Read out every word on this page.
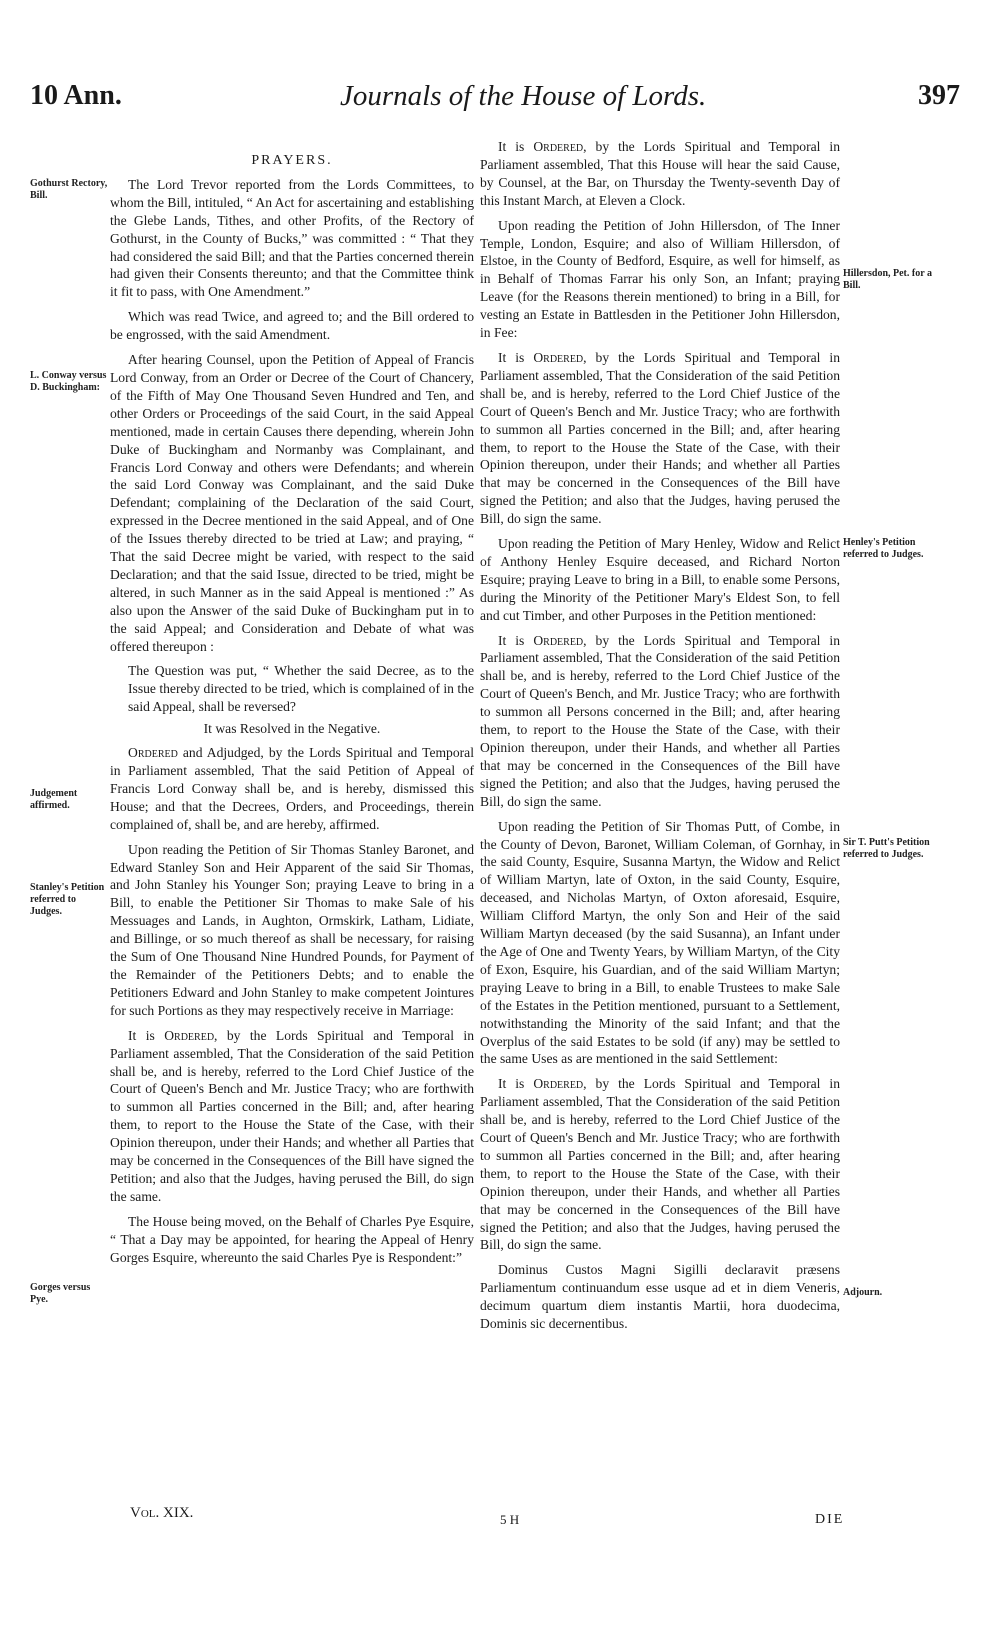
10 Ann.	Journals of the House of Lords.	397
Gothurst Rectory, Bill.
L. Conway versus D. Buckingham:
Judgement affirmed.
Stanley's Petition referred to Judges.
Gorges versus Pye.
Hillersdon, Pet. for a Bill.
Henley's Petition referred to Judges.
Sir T. Putt's Petition referred to Judges.
Adjourn.

PRAYERS.

The Lord Trevor reported from the Lords Committees, to whom the Bill, intituled, “ An Act for ascertaining and establishing the Glebe Lands, Tithes, and other Profits, of the Rectory of Gothurst, in the County of Bucks,” was committed : “ That they had considered the said Bill; and that the Parties concerned therein had given their Consents thereunto; and that the Committee think it fit to pass, with One Amendment.”

Which was read Twice, and agreed to; and the Bill ordered to be engrossed, with the said Amendment.

After hearing Counsel, upon the Petition of Appeal of Francis Lord Conway, from an Order or Decree of the Court of Chancery, of the Fifth of May One Thousand Seven Hundred and Ten, and other Orders or Proceedings of the said Court, in the said Appeal mentioned, made in certain Causes there depending, wherein John Duke of Buckingham and Normanby was Complainant, and Francis Lord Conway and others were Defendants; and wherein the said Lord Conway was Complainant, and the said Duke Defendant; complaining of the Declaration of the said Court, expressed in the Decree mentioned in the said Appeal, and of One of the Issues thereby directed to be tried at Law; and praying, “ That the said Decree might be varied, with respect to the said Declaration; and that the said Issue, directed to be tried, might be altered, in such Manner as in the said Appeal is mentioned :” As also upon the Answer of the said Duke of Buckingham put in to the said Appeal; and Consideration and Debate of what was offered thereupon :

The Question was put, “ Whether the said Decree, as to the Issue thereby directed to be tried, which is complained of in the said Appeal, shall be reversed?

It was Resolved in the Negative.

Ordered and Adjudged, by the Lords Spiritual and Temporal in Parliament assembled, That the said Petition of Appeal of Francis Lord Conway shall be, and is hereby, dismissed this House; and that the Decrees, Orders, and Proceedings, therein complained of, shall be, and are hereby, affirmed.

Upon reading the Petition of Sir Thomas Stanley Baronet, and Edward Stanley Son and Heir Apparent of the said Sir Thomas, and John Stanley his Younger Son; praying Leave to bring in a Bill, to enable the Petitioner Sir Thomas to make Sale of his Messuages and Lands, in Aughton, Ormskirk, Latham, Lidiate, and Billinge, or so much thereof as shall be necessary, for raising the Sum of One Thousand Nine Hundred Pounds, for Payment of the Remainder of the Petitioners Debts; and to enable the Petitioners Edward and John Stanley to make competent Jointures for such Portions as they may respectively receive in Marriage:

It is Ordered, by the Lords Spiritual and Temporal in Parliament assembled, That the Consideration of the said Petition shall be, and is hereby, referred to the Lord Chief Justice of the Court of Queen's Bench and Mr. Justice Tracy; who are forthwith to summon all Parties concerned in the Bill; and, after hearing them, to report to the House the State of the Case, with their Opinion thereupon, under their Hands; and whether all Parties that may be concerned in the Consequences of the Bill have signed the Petition; and also that the Judges, having perused the Bill, do sign the same.

The House being moved, on the Behalf of Charles Pye Esquire, “ That a Day may be appointed, for hearing the Appeal of Henry Gorges Esquire, whereunto the said Charles Pye is Respondent:”

It is Ordered, by the Lords Spiritual and Temporal in Parliament assembled, That this House will hear the said Cause, by Counsel, at the Bar, on Thursday the Twenty-seventh Day of this Instant March, at Eleven a Clock.

Upon reading the Petition of John Hillersdon, of The Inner Temple, London, Esquire; and also of William Hillersdon, of Elstoe, in the County of Bedford, Esquire, as well for himself, as in Behalf of Thomas Farrar his only Son, an Infant; praying Leave (for the Reasons therein mentioned) to bring in a Bill, for vesting an Estate in Battlesden in the Petitioner John Hillersdon, in Fee:

It is Ordered, by the Lords Spiritual and Temporal in Parliament assembled, That the Consideration of the said Petition shall be, and is hereby, referred to the Lord Chief Justice of the Court of Queen's Bench and Mr. Justice Tracy; who are forthwith to summon all Parties concerned in the Bill; and, after hearing them, to report to the House the State of the Case, with their Opinion thereupon, under their Hands; and whether all Parties that may be concerned in the Consequences of the Bill have signed the Petition; and also that the Judges, having perused the Bill, do sign the same.

Upon reading the Petition of Mary Henley, Widow and Relict of Anthony Henley Esquire deceased, and Richard Norton Esquire; praying Leave to bring in a Bill, to enable some Persons, during the Minority of the Petitioner Mary's Eldest Son, to fell and cut Timber, and other Purposes in the Petition mentioned:

It is Ordered, by the Lords Spiritual and Temporal in Parliament assembled, That the Consideration of the said Petition shall be, and is hereby, referred to the Lord Chief Justice of the Court of Queen's Bench, and Mr. Justice Tracy; who are forthwith to summon all Persons concerned in the Bill; and, after hearing them, to report to the House the State of the Case, with their Opinion thereupon, under their Hands, and whether all Parties that may be concerned in the Consequences of the Bill have signed the Petition; and also that the Judges, having perused the Bill, do sign the same.

Upon reading the Petition of Sir Thomas Putt, of Combe, in the County of Devon, Baronet, William Coleman, of Gornhay, in the said County, Esquire, Susanna Martyn, the Widow and Relict of William Martyn, late of Oxton, in the said County, Esquire, deceased, and Nicholas Martyn, of Oxton aforesaid, Esquire, William Clifford Martyn, the only Son and Heir of the said William Martyn deceased (by the said Susanna), an Infant under the Age of One and Twenty Years, by William Martyn, of the City of Exon, Esquire, his Guardian, and of the said William Martyn; praying Leave to bring in a Bill, to enable Trustees to make Sale of the Estates in the Petition mentioned, pursuant to a Settlement, notwithstanding the Minority of the said Infant; and that the Overplus of the said Estates to be sold (if any) may be settled to the same Uses as are mentioned in the said Settlement:

It is Ordered, by the Lords Spiritual and Temporal in Parliament assembled, That the Consideration of the said Petition shall be, and is hereby, referred to the Lord Chief Justice of the Court of Queen's Bench and Mr. Justice Tracy; who are forthwith to summon all Parties concerned in the Bill; and, after hearing them, to report to the House the State of the Case, with their Opinion thereupon, under their Hands, and whether all Parties that may be concerned in the Consequences of the Bill have signed the Petition; and also that the Judges, having perused the Bill, do sign the same.

Dominus Custos Magni Sigilli declaravit præsens Parliamentum continuandum esse usque ad et in diem Veneris, decimum quartum diem instantis Martii, hora duodecima, Dominis sic decernentibus.

Vol. XIX.	5 H	DIE
